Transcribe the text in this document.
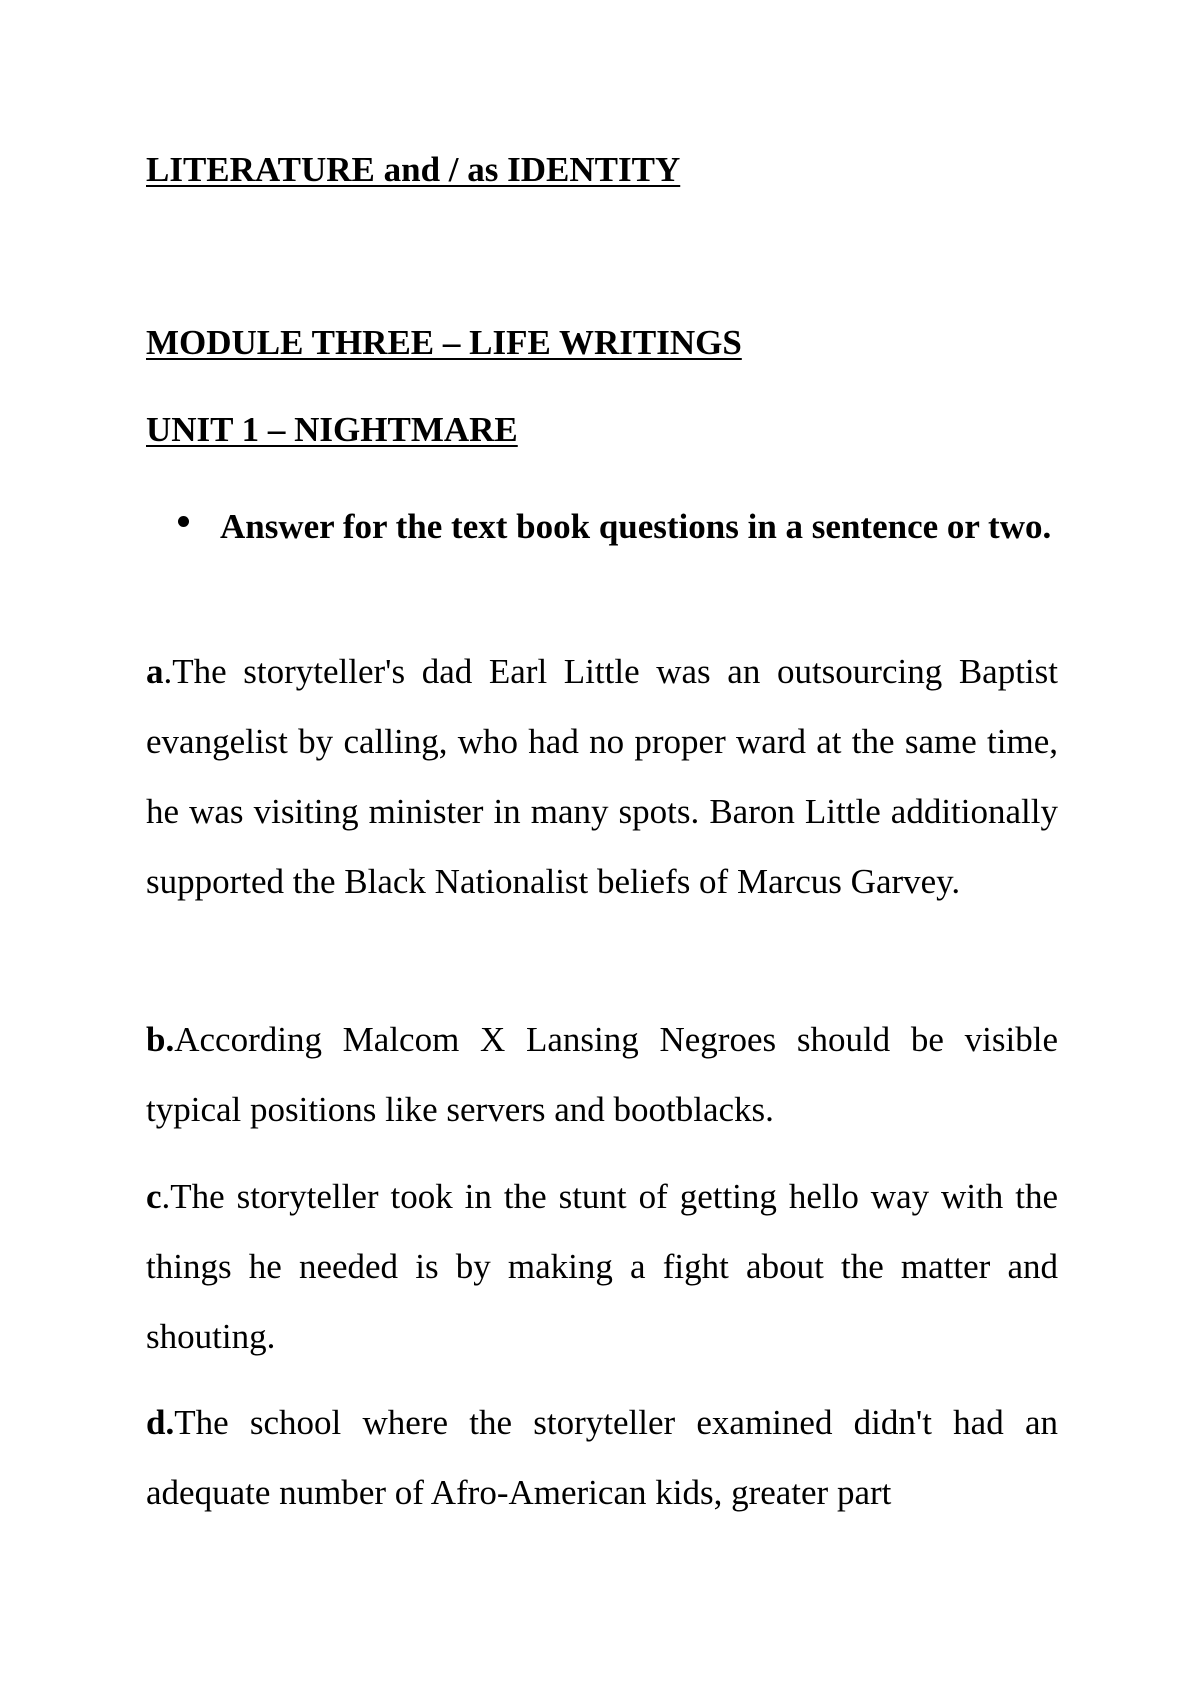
LITERATURE and / as IDENTITY
MODULE THREE – LIFE WRITINGS
UNIT 1 – NIGHTMARE
Answer for the text book questions in a sentence or two.

a.The storyteller's dad Earl Little was an outsourcing Baptist evangelist by calling, who had no proper ward at the same time, he was visiting minister in many spots. Baron Little additionally supported the Black Nationalist beliefs of Marcus Garvey.

b.According Malcom X Lansing Negroes should be visible typical positions like servers and bootblacks.

c.The storyteller took in the stunt of getting hello way with the things he needed is by making a fight about the matter and shouting.

d.The school where the storyteller examined didn't had an adequate number of Afro-American kids, greater part
